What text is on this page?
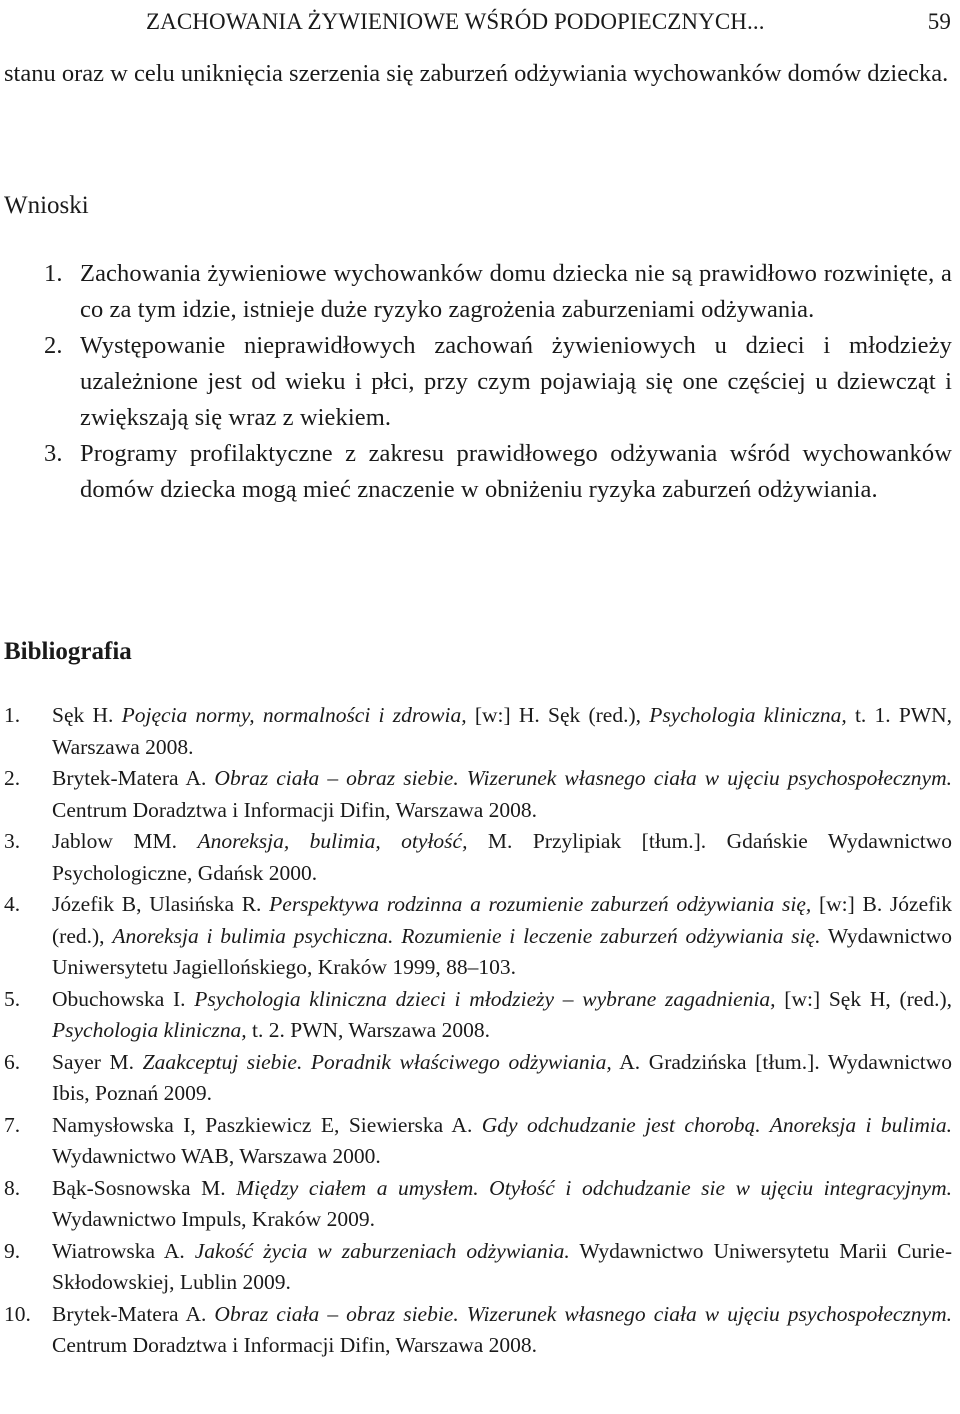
ZACHOWANIA ŻYWIENIOWE WŚRÓD PODOPIECZNYCH...	59

stanu oraz w celu uniknięcia szerzenia się zaburzeń odżywiania wychowanków domów dziecka.

Wnioski
1. Zachowania żywieniowe wychowanków domu dziecka nie są prawidłowo rozwinięte, a co za tym idzie, istnieje duże ryzyko zagrożenia zaburzeniami odżywania.
2. Występowanie nieprawidłowych zachowań żywieniowych u dzieci i młodzieży uzależnione jest od wieku i płci, przy czym pojawiają się one częściej u dziewcząt i zwiększają się wraz z wiekiem.
3. Programy profilaktyczne z zakresu prawidłowego odżywania wśród wychowanków domów dziecka mogą mieć znaczenie w obniżeniu ryzyka zaburzeń odżywiania.
Bibliografia
1. Sęk H. Pojęcia normy, normalności i zdrowia, [w:] H. Sęk (red.), Psychologia kliniczna, t. 1. PWN, Warszawa 2008.
2. Brytek-Matera A. Obraz ciała – obraz siebie. Wizerunek własnego ciała w ujęciu psychospołecznym. Centrum Doradztwa i Informacji Difin, Warszawa 2008.
3. Jablow MM. Anoreksja, bulimia, otyłość, M. Przylipiak [tłum.]. Gdańskie Wydawnictwo Psychologiczne, Gdańsk 2000.
4. Józefik B, Ulasińska R. Perspektywa rodzinna a rozumienie zaburzeń odżywiania się, [w:] B. Józefik (red.), Anoreksja i bulimia psychiczna. Rozumienie i leczenie zaburzeń odżywiania się. Wydawnictwo Uniwersytetu Jagiellońskiego, Kraków 1999, 88–103.
5. Obuchowska I. Psychologia kliniczna dzieci i młodzieży – wybrane zagadnienia, [w:] Sęk H, (red.), Psychologia kliniczna, t. 2. PWN, Warszawa 2008.
6. Sayer M. Zaakceptuj siebie. Poradnik właściwego odżywiania, A. Gradzińska [tłum.]. Wydawnictwo Ibis, Poznań 2009.
7. Namysłowska I, Paszkiewicz E, Siewierska A. Gdy odchudzanie jest chorobą. Anoreksja i bulimia. Wydawnictwo WAB, Warszawa 2000.
8. Bąk-Sosnowska M. Między ciałem a umysłem. Otyłość i odchudzanie sie w ujęciu integracyjnym. Wydawnictwo Impuls, Kraków 2009.
9. Wiatrowska A. Jakość życia w zaburzeniach odżywiania. Wydawnictwo Uniwersytetu Marii Curie-Skłodowskiej, Lublin 2009.
10. Brytek-Matera A. Obraz ciała – obraz siebie. Wizerunek własnego ciała w ujęciu psychospołecznym. Centrum Doradztwa i Informacji Difin, Warszawa 2008.
